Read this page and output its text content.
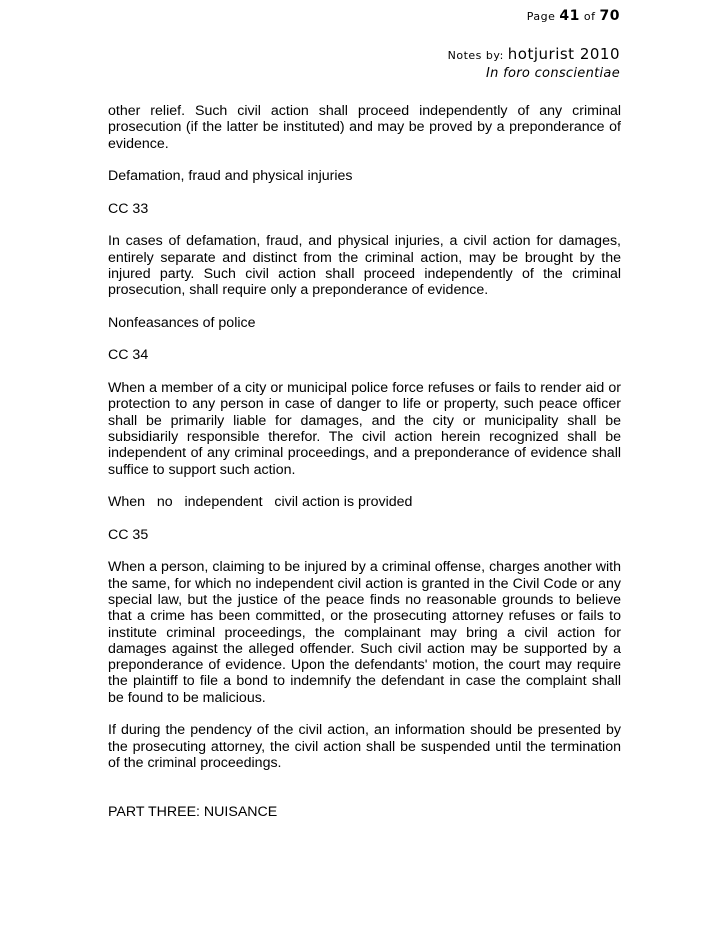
Page 41 of 70
Notes by: hotjurist 2010
In foro conscientiae

other relief. Such civil action shall proceed independently of any criminal prosecution (if the latter be instituted) and may be proved by a preponderance of evidence.

Defamation, fraud and physical injuries

CC 33

In cases of defamation, fraud, and physical injuries, a civil action for damages, entirely separate and distinct from the criminal action, may be brought by the injured party. Such civil action shall proceed independently of the criminal prosecution, shall require only a preponderance of evidence.

Nonfeasances of police

CC 34

When a member of a city or municipal police force refuses or fails to render aid or protection to any person in case of danger to life or property, such peace officer shall be primarily liable for damages, and the city or municipality shall be subsidiarily responsible therefor. The civil action herein recognized shall be independent of any criminal proceedings, and a preponderance of evidence shall suffice to support such action.

When   no   independent   civil action is provided

CC 35

When a person, claiming to be injured by a criminal offense, charges another with the same, for which no independent civil action is granted in the Civil Code or any special law, but the justice of the peace finds no reasonable grounds to believe that a crime has been committed, or the prosecuting attorney refuses or fails to institute criminal proceedings, the complainant may bring a civil action for damages against the alleged offender. Such civil action may be supported by a preponderance of evidence. Upon the defendants' motion, the court may require the plaintiff to file a bond to indemnify the defendant in case the complaint shall be found to be malicious.

If during the pendency of the civil action, an information should be presented by the prosecuting attorney, the civil action shall be suspended until the termination of the criminal proceedings.

PART THREE: NUISANCE
